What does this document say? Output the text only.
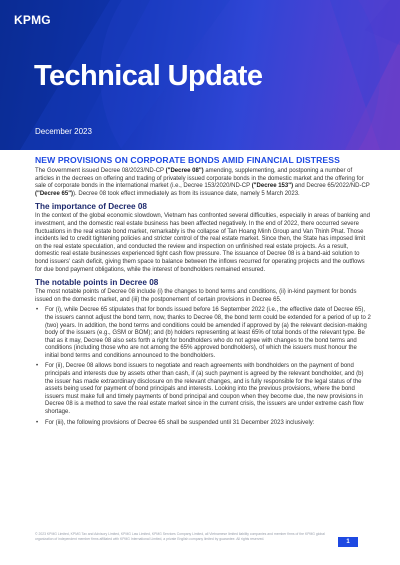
KPMG
Technical Update
December 2023
NEW PROVISIONS ON CORPORATE BONDS AMID FINANCIAL DISTRESS

The Government issued Decree 08/2023/ND-CP ("Decree 08") amending, supplementing, and postponing a number of articles in the decrees on offering and trading of privately issued corporate bonds in the domestic market and the offering for sale of corporate bonds in the international market (i.e., Decree 153/2020/ND-CP ("Decree 153") and Decree 65/2022/ND-CP ("Decree 65")). Decree 08 took effect immediately as from its issuance date, namely 5 March 2023.

The importance of Decree 08

In the context of the global economic slowdown, Vietnam has confronted several difficulties, especially in areas of banking and investment, and the domestic real estate business has been affected negatively. In the end of 2022, there occurred severe fluctuations in the real estate bond market, remarkably is the collapse of Tan Hoang Minh Group and Van Thinh Phat. Those incidents led to credit tightening policies and stricter control of the real estate market. Since then, the State has imposed limit on the real estate speculation, and conducted the review and inspection on unfinished real estate projects. As a result, domestic real estate businesses experienced tight cash flow pressure. The issuance of Decree 08 is a band-aid solution to bond issuers' cash deficit, giving them space to balance between the inflows recurred for operating projects and the outflows for due bond payment obligations, while the interest of bondholders remained ensured.

The notable points in Decree 08

The most notable points of Decree 08 include (i) the changes to bond terms and conditions, (ii) in-kind payment for bonds issued on the domestic market, and (iii) the postponement of certain provisions in Decree 65.

• For (i), while Decree 65 stipulates that for bonds issued before 16 September 2022 (i.e., the effective date of Decree 65), the issuers cannot adjust the bond term, now, thanks to Decree 08, the bond term could be extended for a period of up to 2 (two) years. In addition, the bond terms and conditions could be amended if approved by (a) the relevant decision-making body of the issuers (e.g., GSM or BOM); and (b) holders representing at least 65% of total bonds of the relevant type. Be that as it may, Decree 08 also sets forth a right for bondholders who do not agree with changes to the bond terms and conditions (including those who are not among the 65% approved bondholders), of which the issuers must honour the initial bond terms and conditions announced to the bondholders.
• For (ii), Decree 08 allows bond issuers to negotiate and reach agreements with bondholders on the payment of bond principals and interests due by assets other than cash, if (a) such payment is agreed by the relevant bondholder, and (b) the issuer has made extraordinary disclosure on the relevant changes, and is fully responsible for the legal status of the assets being used for payment of bond principals and interests. Looking into the previous provisions, where the bond issuers must make full and timely payments of bond principal and coupon when they become due, the new provisions in Decree 08 is a method to save the real estate market since in the current crisis, the issuers are under extreme cash flow shortage.
• For (iii), the following provisions of Decree 65 shall be suspended until 31 December 2023 inclusively:
© 2023 KPMG Limited, KPMG Tax and Advisory Limited, KPMG Law Limited, KPMG Services Company Limited, all Vietnamese limited liability companies and member firms of the KPMG global organization of independent member firms affiliated with KPMG International Limited, a private English company limited by guarantee. All rights reserved.
1
